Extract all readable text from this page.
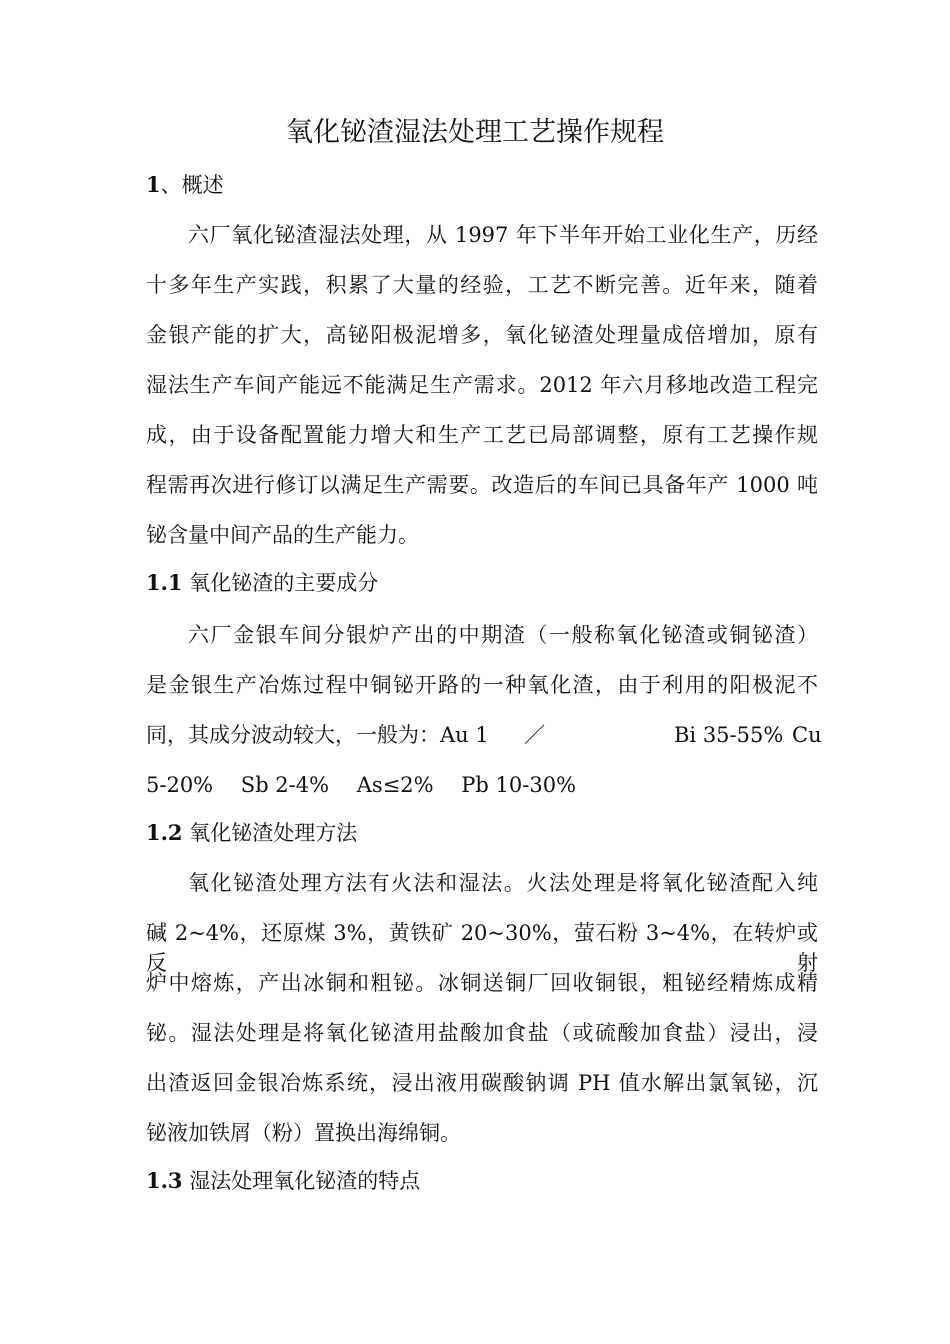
氧化铋渣湿法处理工艺操作规程
1、概述
六厂氧化铋渣湿法处理，从 1997 年下半年开始工业化生产，历经
十多年生产实践，积累了大量的经验，工艺不断完善。近年来，随着
金银产能的扩大，高铋阳极泥增多，氧化铋渣处理量成倍增加，原有
湿法生产车间产能远不能满足生产需求。2012 年六月移地改造工程完
成，由于设备配置能力增大和生产工艺已局部调整，原有工艺操作规
程需再次进行修订以满足生产需要。改造后的车间已具备年产 1000 吨
铋含量中间产品的生产能力。
1.1 氧化铋渣的主要成分
六厂金银车间分银炉产出的中期渣（一般称氧化铋渣或铜铋渣）
是金银生产冶炼过程中铜铋开路的一种氧化渣，由于利用的阳极泥不
同，其成分波动较大，一般为：Au 1 ／	Bi 35-55% Cu
5-20%　 Sb 2-4%　 As≤2%　 Pb 10-30%
1.2 氧化铋渣处理方法
氧化铋渣处理方法有火法和湿法。火法处理是将氧化铋渣配入纯
碱 2~4%，还原煤 3%，黄铁矿 20~30%，萤石粉 3~4%，在转炉或反射
炉中熔炼，产出冰铜和粗铋。冰铜送铜厂回收铜银，粗铋经精炼成精
铋。湿法处理是将氧化铋渣用盐酸加食盐（或硫酸加食盐）浸出，浸
出渣返回金银冶炼系统，浸出液用碳酸钠调 PH 值水解出氯氧铋，沉
铋液加铁屑（粉）置换出海绵铜。
1.3 湿法处理氧化铋渣的特点
